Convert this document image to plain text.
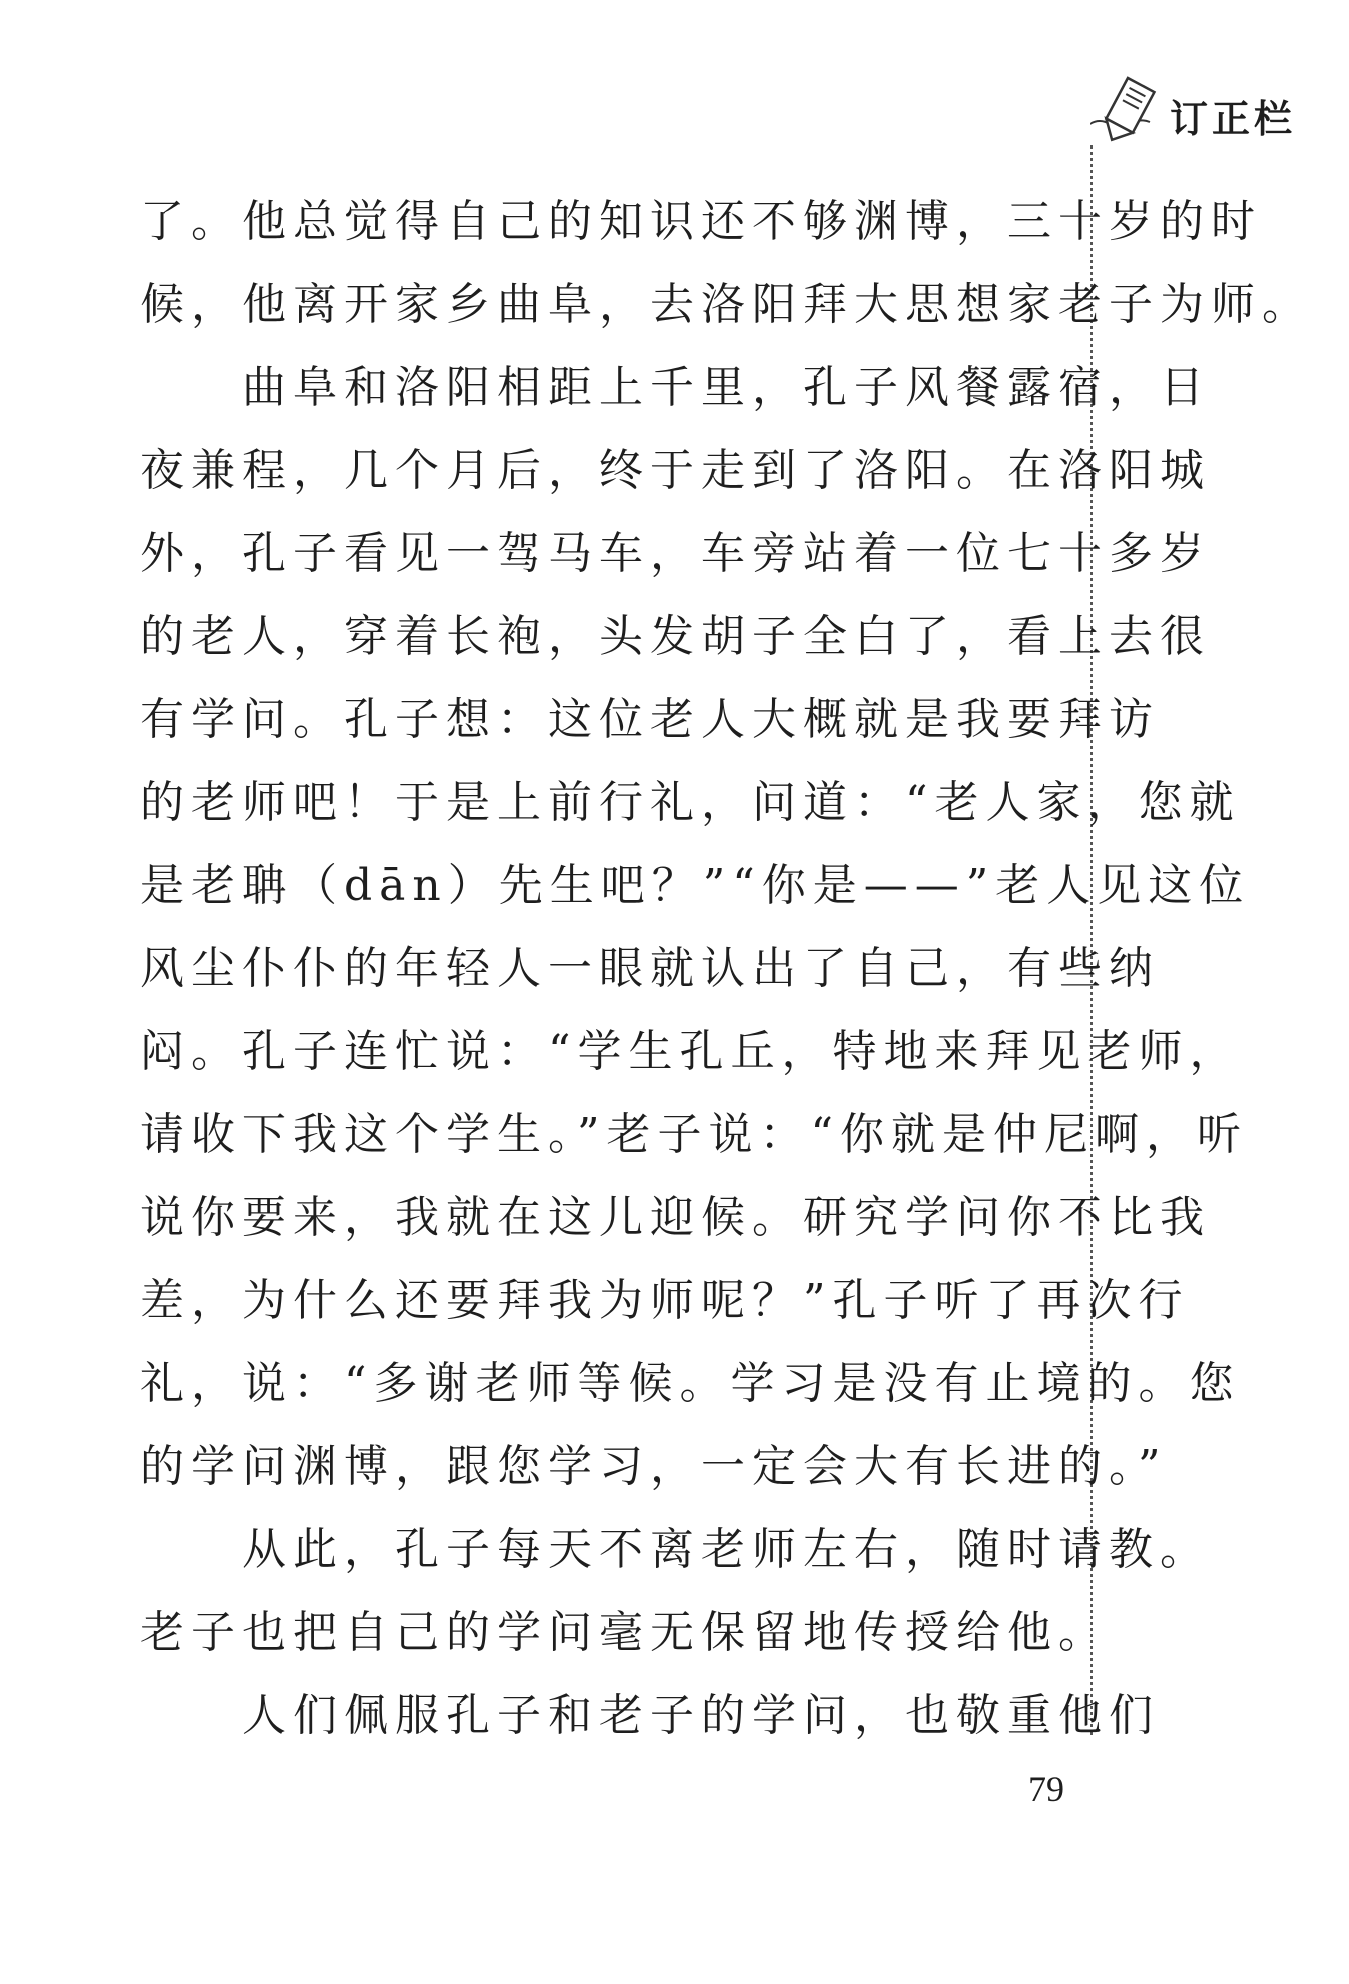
订正栏
了。他总觉得自己的知识还不够渊博，三十岁的时
候，他离开家乡曲阜，去洛阳拜大思想家老子为师。
　　曲阜和洛阳相距上千里，孔子风餐露宿，日
夜兼程，几个月后，终于走到了洛阳。在洛阳城
外，孔子看见一驾马车，车旁站着一位七十多岁
的老人，穿着长袍，头发胡子全白了，看上去很
有学问。孔子想：这位老人大概就是我要拜访
的老师吧！于是上前行礼，问道：“老人家，您就
是老聃（dān）先生吧？”“你是——”老人见这位
风尘仆仆的年轻人一眼就认出了自己，有些纳
闷。孔子连忙说：“学生孔丘，特地来拜见老师，
请收下我这个学生。”老子说：“你就是仲尼啊，听
说你要来，我就在这儿迎候。研究学问你不比我
差，为什么还要拜我为师呢？”孔子听了再次行
礼，说：“多谢老师等候。学习是没有止境的。您
的学问渊博，跟您学习，一定会大有长进的。”
　　从此，孔子每天不离老师左右，随时请教。
老子也把自己的学问毫无保留地传授给他。
　　人们佩服孔子和老子的学问，也敬重他们
79
